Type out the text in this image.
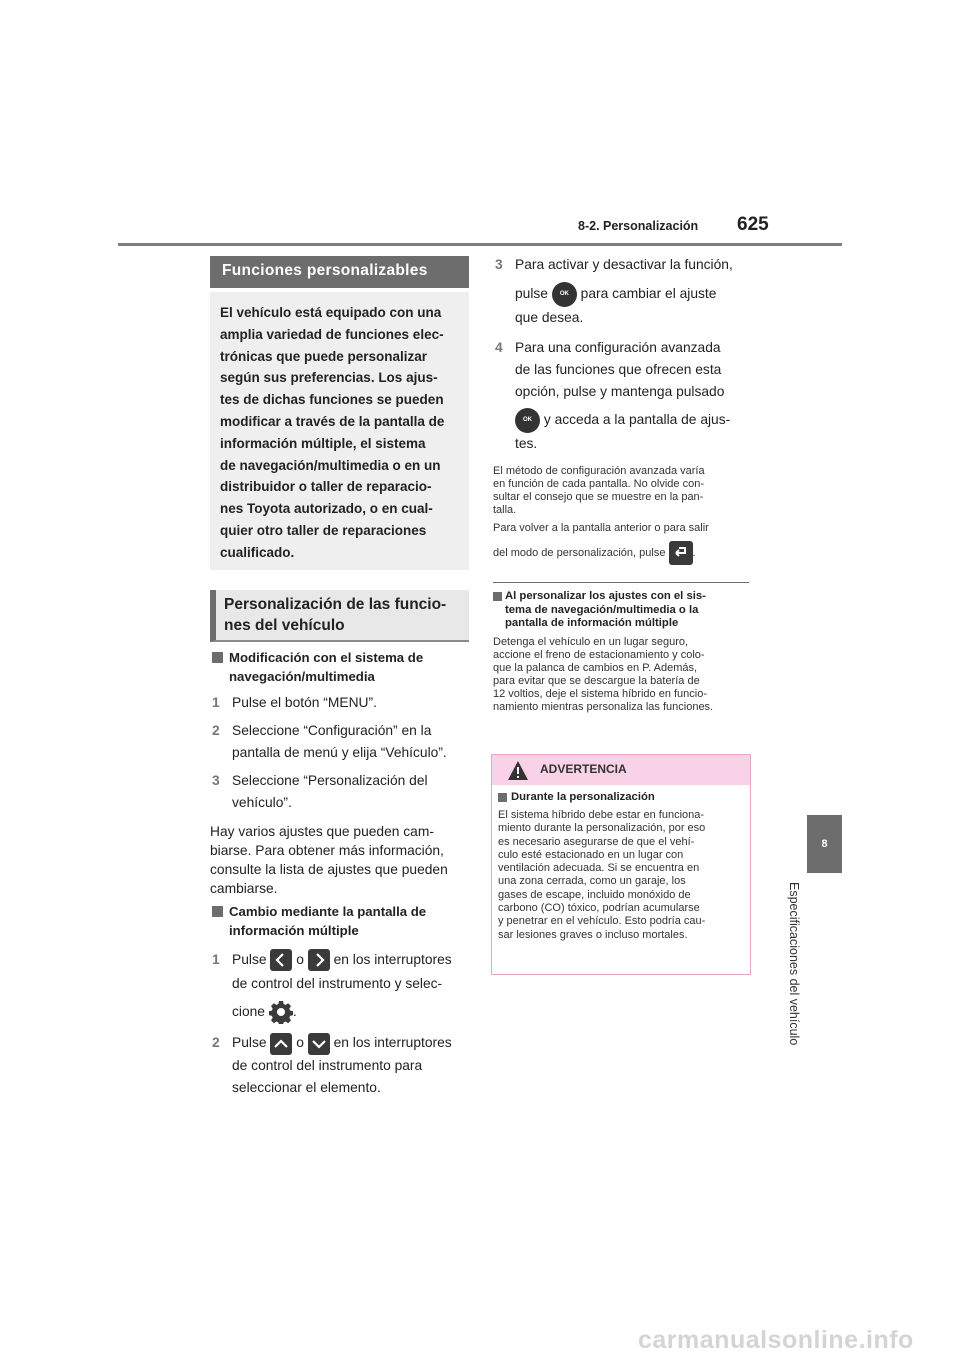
8-2. Personalización 625
8
Especificaciones del vehículo
Funciones personalizables
El vehículo está equipado con una
amplia variedad de funciones elec-
trónicas que puede personalizar
según sus preferencias. Los ajus-
tes de dichas funciones se pueden
modificar a través de la pantalla de
información múltiple, el sistema
de navegación/multimedia o en un
distribuidor o taller de reparacio-
nes Toyota autorizado, o en cual-
quier otro taller de reparaciones
cualificado.
Personalización de las funcio-
nes del vehículo
Modificación con el sistema de
navegación/multimedia
1 Pulse el botón “MENU”.
2 Seleccione “Configuración” en la
pantalla de menú y elija “Vehículo”.
3 Seleccione “Personalización del
vehículo”.
Hay varios ajustes que pueden cam-
biarse. Para obtener más información,
consulte la lista de ajustes que pueden
cambiarse.
Cambio mediante la pantalla de
información múltiple
1 Pulse o en los interruptores
de control del instrumento y selec-
cione .
2 Pulse o en los interruptores
de control del instrumento para
seleccionar el elemento.
3 Para activar y desactivar la función,
pulse OK para cambiar el ajuste
que desea.
4 Para una configuración avanzada
de las funciones que ofrecen esta
opción, pulse y mantenga pulsado
OK y acceda a la pantalla de ajus-
tes.
El método de configuración avanzada varía
en función de cada pantalla. No olvide con-
sultar el consejo que se muestre en la pan-
talla.
Para volver a la pantalla anterior o para salir
del modo de personalización, pulse .
Al personalizar los ajustes con el sis-
tema de navegación/multimedia o la
pantalla de información múltiple
Detenga el vehículo en un lugar seguro,
accione el freno de estacionamiento y colo-
que la palanca de cambios en P. Además,
para evitar que se descargue la batería de
12 voltios, deje el sistema híbrido en funcio-
namiento mientras personaliza las funciones.
ADVERTENCIA
Durante la personalización
El sistema híbrido debe estar en funciona-
miento durante la personalización, por eso
es necesario asegurarse de que el vehí-
culo esté estacionado en un lugar con
ventilación adecuada. Si se encuentra en
una zona cerrada, como un garaje, los
gases de escape, incluido monóxido de
carbono (CO) tóxico, podrían acumularse
y penetrar en el vehículo. Esto podría cau-
sar lesiones graves o incluso mortales.
carmanualsonline.info
